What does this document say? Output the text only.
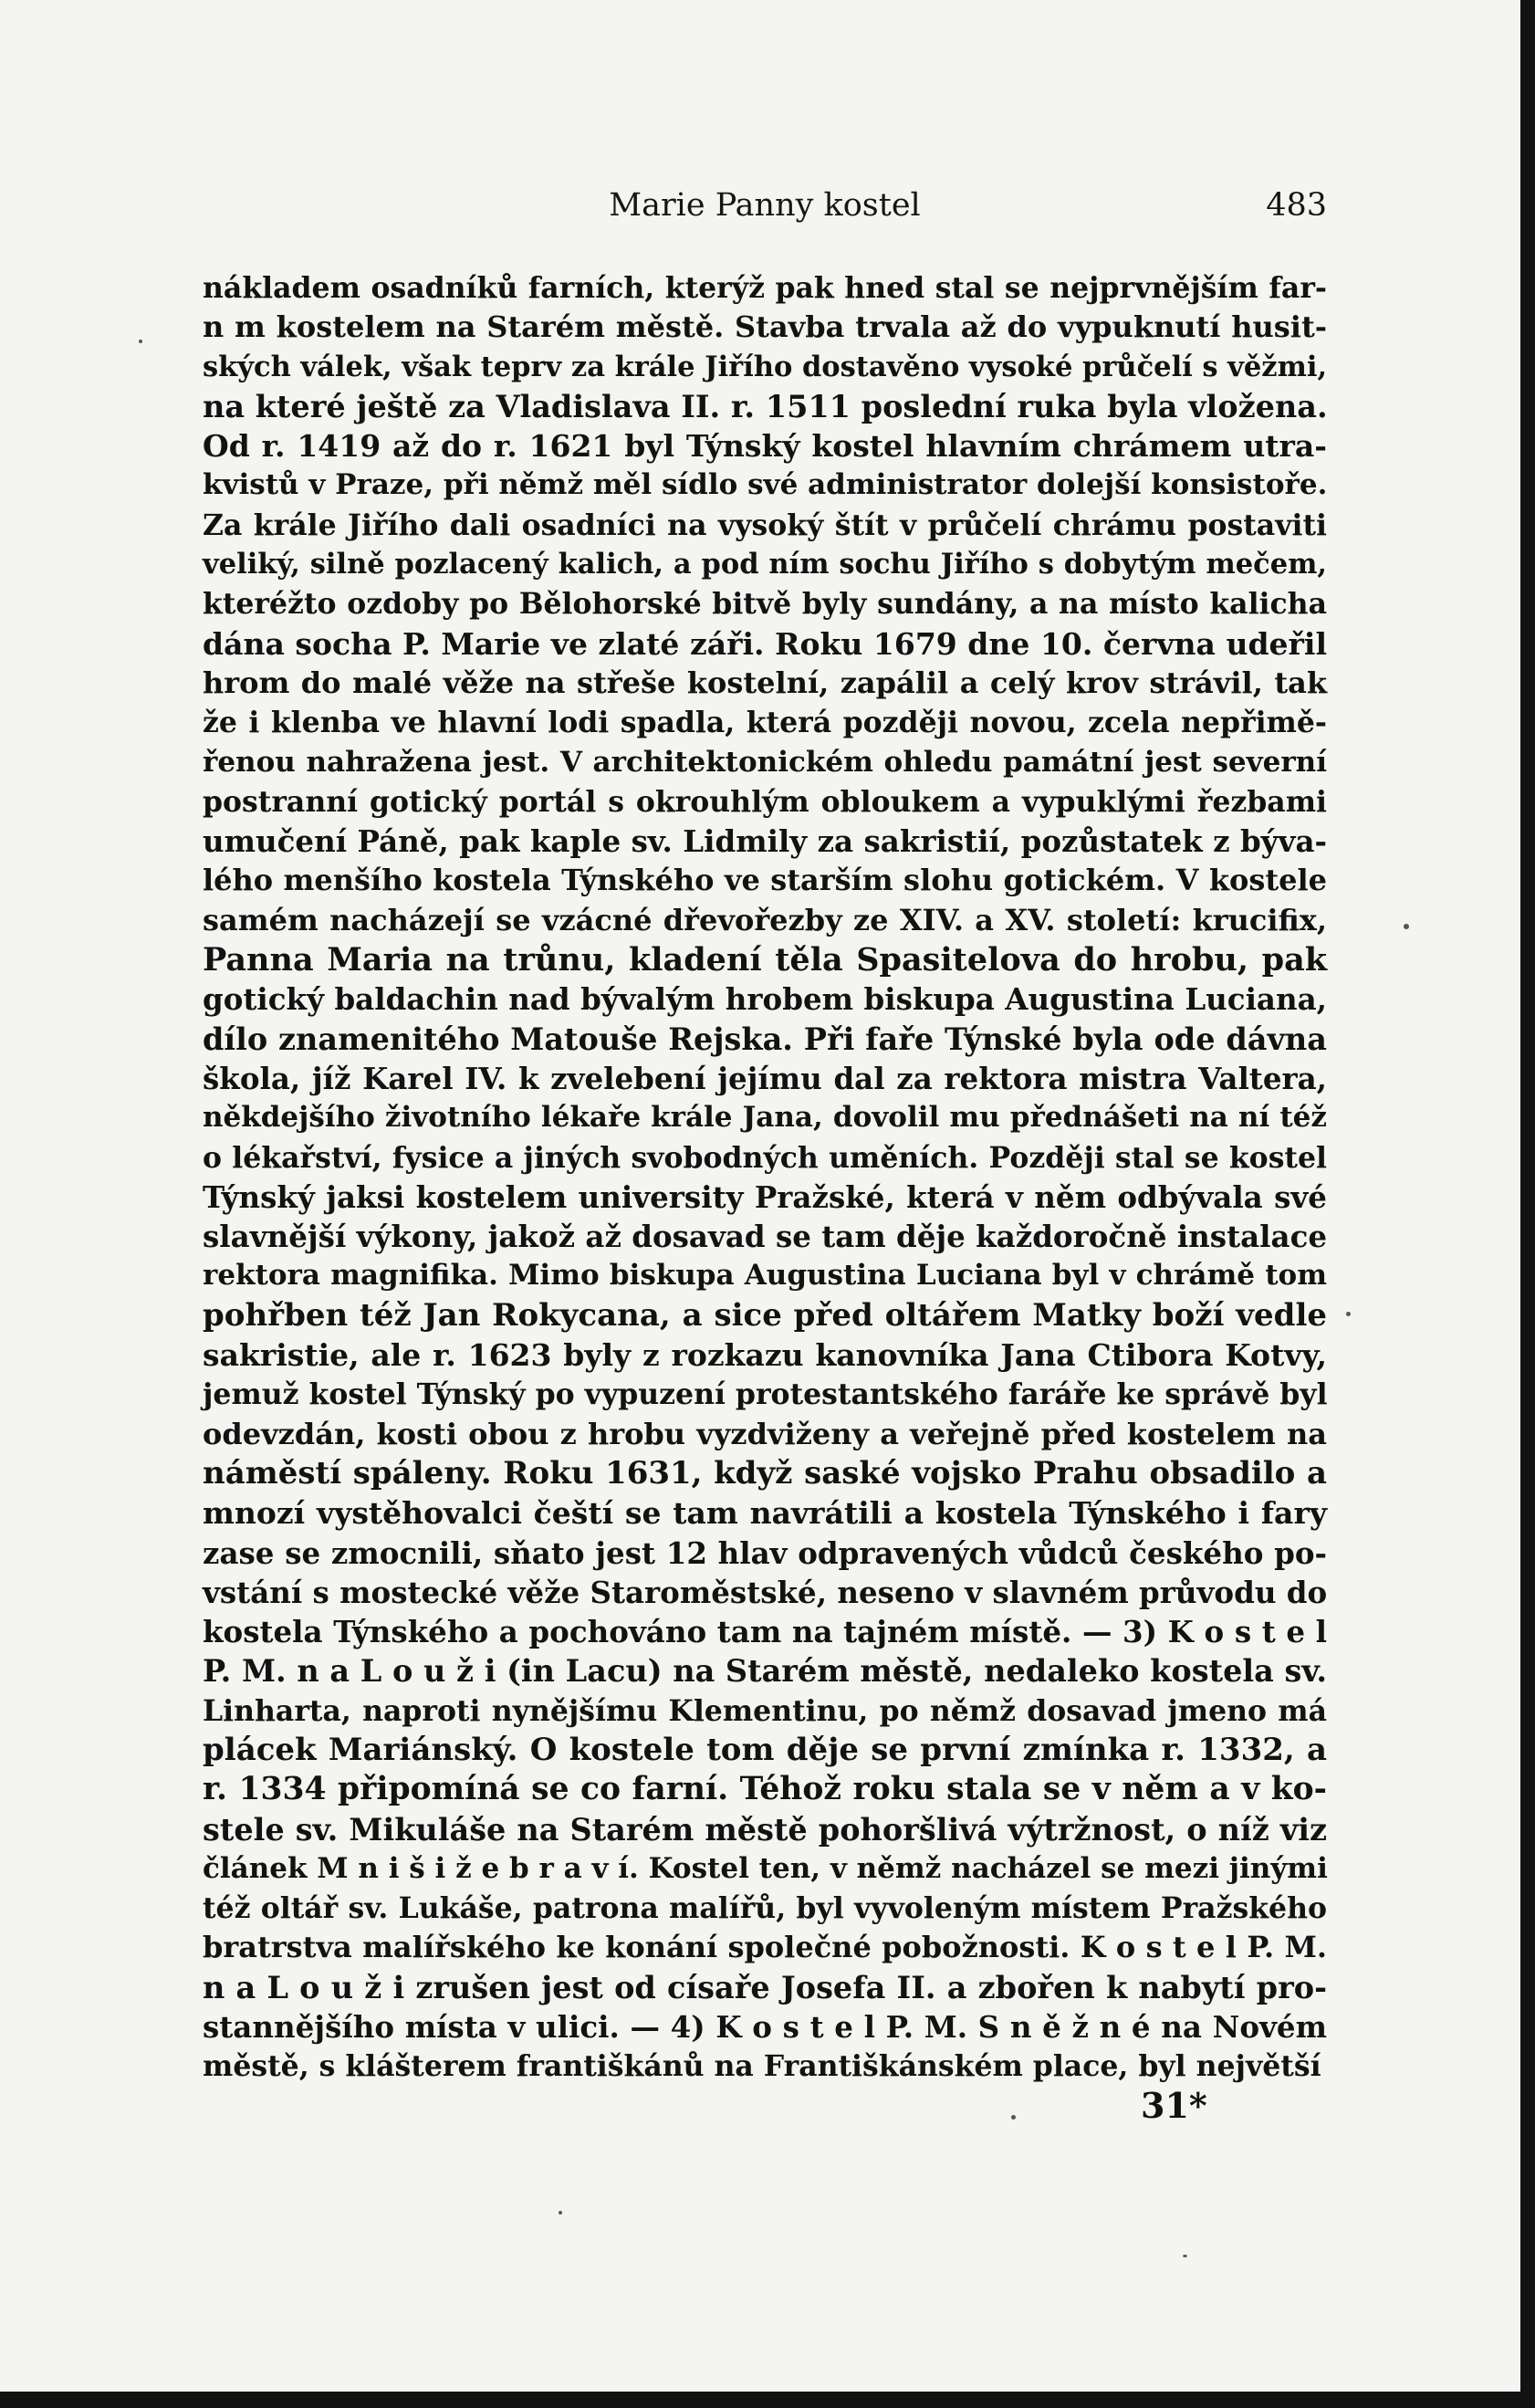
Marie Panny kostel	483
nákladem osadníků farních, kterýž pak hned stal se nejprvnějším far-
n m kostelem na Starém městě. Stavba trvala až do vypuknutí husit-
ských válek, však teprv za krále Jiřího dostavěno vysoké průčelí s věžmi,
na které ještě za Vladislava II. r. 1511 poslední ruka byla vložena.
Od r. 1419 až do r. 1621 byl Týnský kostel hlavním chrámem utra-
kvistů v Praze, při němž měl sídlo své administrator dolejší konsistoře.
Za krále Jiřího dali osadníci na vysoký štít v průčelí chrámu postaviti
veliký, silně pozlacený kalich, a pod ním sochu Jiřího s dobytým mečem,
kteréžto ozdoby po Bělohorské bitvě byly sundány, a na místo kalicha
dána socha P. Marie ve zlaté záři. Roku 1679 dne 10. června udeřil
hrom do malé věže na střeše kostelní, zapálil a celý krov strávil, tak
že i klenba ve hlavní lodi spadla, která později novou, zcela nepřimě-
řenou nahražena jest. V architektonickém ohledu památní jest severní
postranní gotický portál s okrouhlým obloukem a vypuklými řezbami
umučení Páně, pak kaple sv. Lidmily za sakristií, pozůstatek z býva-
lého menšího kostela Týnského ve starším slohu gotickém. V kostele
samém nacházejí se vzácné dřevořezby ze XIV. a XV. století: krucifix,
Panna Maria na trůnu, kladení těla Spasitelova do hrobu, pak
gotický baldachin nad bývalým hrobem biskupa Augustina Luciana,
dílo znamenitého Matouše Rejska. Při faře Týnské byla ode dávna
škola, jíž Karel IV. k zvelebení jejímu dal za rektora mistra Valtera,
někdejšího životního lékaře krále Jana, dovolil mu přednášeti na ní též
o lékařství, fysice a jiných svobodných uměních. Později stal se kostel
Týnský jaksi kostelem university Pražské, která v něm odbývala své
slavnější výkony, jakož až dosavad se tam děje každoročně instalace
rektora magnifika. Mimo biskupa Augustina Luciana byl v chrámě tom
pohřben též Jan Rokycana, a sice před oltářem Matky boží vedle
sakristie, ale r. 1623 byly z rozkazu kanovníka Jana Ctibora Kotvy,
jemuž kostel Týnský po vypuzení protestantského faráře ke správě byl
odevzdán, kosti obou z hrobu vyzdviženy a veřejně před kostelem na
náměstí spáleny. Roku 1631, když saské vojsko Prahu obsadilo a
mnozí vystěhovalci čeští se tam navrátili a kostela Týnského i fary
zase se zmocnili, sňato jest 12 hlav odpravených vůdců českého po-
vstání s mostecké věže Staroměstské, neseno v slavném průvodu do
kostela Týnského a pochováno tam na tajném místě. — 3) K o s t e l
P. M. n a L o u ž i (in Lacu) na Starém městě, nedaleko kostela sv.
Linharta, naproti nynějšímu Klementinu, po němž dosavad jmeno má
plácek Mariánský. O kostele tom děje se první zmínka r. 1332, a
r. 1334 připomíná se co farní. Téhož roku stala se v něm a v ko-
stele sv. Mikuláše na Starém městě pohoršlivá výtržnost, o níž viz
článek M n i š i ž e b r a v í. Kostel ten, v němž nacházel se mezi jinými
též oltář sv. Lukáše, patrona malířů, byl vyvoleným místem Pražského
bratrstva malířského ke konání společné pobožnosti. K o s t e l P. M.
n a L o u ž i zrušen jest od císaře Josefa II. a zbořen k nabytí pro-
stannějšího místa v ulici. — 4) K o s t e l P. M. S n ě ž n é na Novém
městě, s klášterem františkánů na Františkánském place, byl největší
31*
